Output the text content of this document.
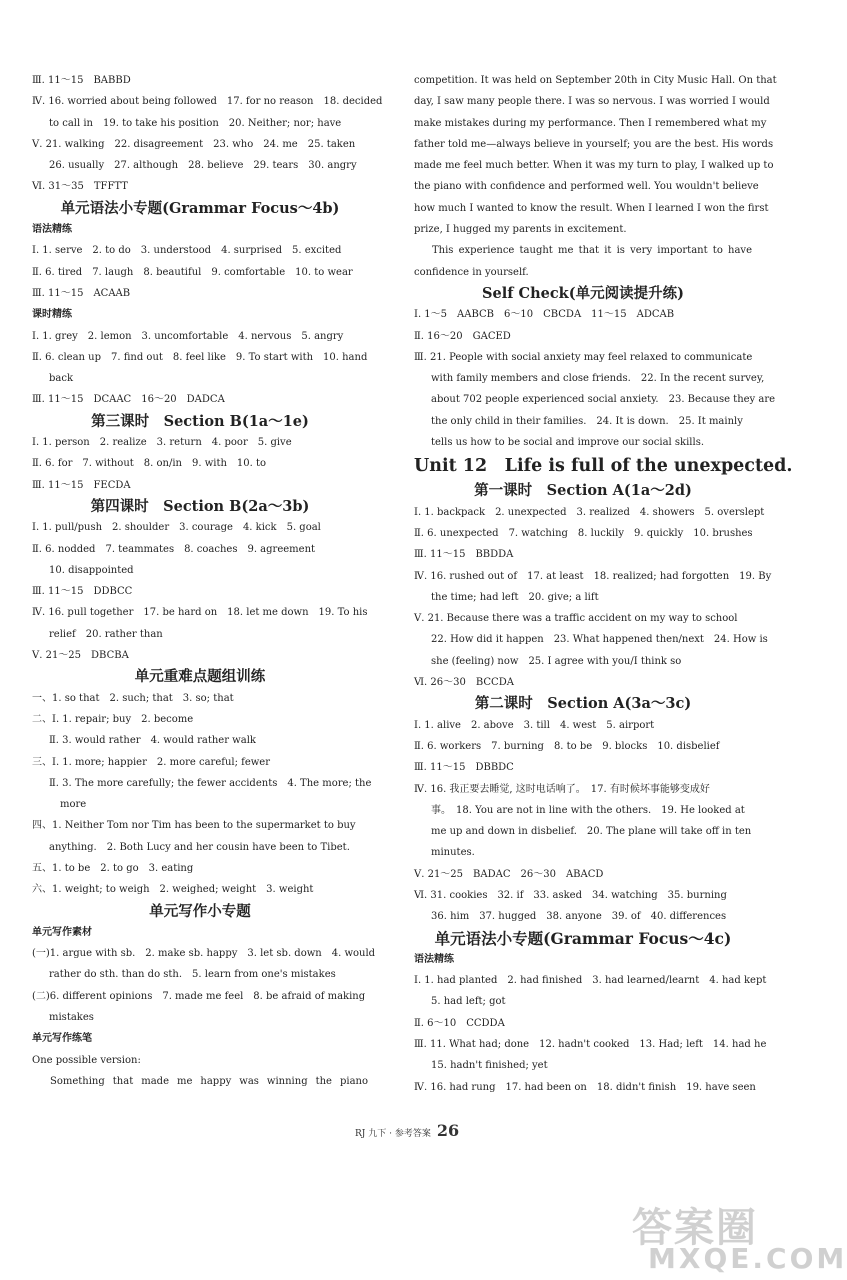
Ⅲ. 11～15　BABBD
Ⅳ. 16. worried about being followed　17. for no reason　18. decided
to call in　19. to take his position　20. Neither; nor; have
Ⅴ. 21. walking　22. disagreement　23. who　24. me　25. taken
26. usually　27. although　28. believe　29. tears　30. angry
Ⅵ. 31～35　TFFTT
单元语法小专题(Grammar Focus～4b)
语法精练
Ⅰ. 1. serve　2. to do　3. understood　4. surprised　5. excited
Ⅱ. 6. tired　7. laugh　8. beautiful　9. comfortable　10. to wear
Ⅲ. 11～15　ACAAB
课时精练
Ⅰ. 1. grey　2. lemon　3. uncomfortable　4. nervous　5. angry
Ⅱ. 6. clean up　7. find out　8. feel like　9. To start with　10. hand
back
Ⅲ. 11～15　DCAAC　16～20　DADCA
第三课时　Section B(1a～1e)
Ⅰ. 1. person　2. realize　3. return　4. poor　5. give
Ⅱ. 6. for　7. without　8. on/in　9. with　10. to
Ⅲ. 11～15　FECDA
第四课时　Section B(2a～3b)
Ⅰ. 1. pull/push　2. shoulder　3. courage　4. kick　5. goal
Ⅱ. 6. nodded　7. teammates　8. coaches　9. agreement
10. disappointed
Ⅲ. 11～15　DDBCC
Ⅳ. 16. pull together　17. be hard on　18. let me down　19. To his
relief　20. rather than
Ⅴ. 21～25　DBCBA
单元重难点题组训练
一、1. so that　2. such; that　3. so; that
二、Ⅰ. 1. repair; buy　2. become
Ⅱ. 3. would rather　4. would rather walk
三、Ⅰ. 1. more; happier　2. more careful; fewer
Ⅱ. 3. The more carefully; the fewer accidents　4. The more; the
more
四、1. Neither Tom nor Tim has been to the supermarket to buy
anything.　2. Both Lucy and her cousin have been to Tibet.
五、1. to be　2. to go　3. eating
六、1. weight; to weigh　2. weighed; weight　3. weight
单元写作小专题
单元写作素材
(一)1. argue with sb.　2. make sb. happy　3. let sb. down　4. would
rather do sth. than do sth.　5. learn from one's mistakes
(二)6. different opinions　7. made me feel　8. be afraid of making
mistakes
单元写作练笔
One possible version:
Something that made me happy was winning the piano
competition. It was held on September 20th in City Music Hall. On that
day, I saw many people there. I was so nervous. I was worried I would
make mistakes during my performance. Then I remembered what my
father told me—always believe in yourself; you are the best. His words
made me feel much better. When it was my turn to play, I walked up to
the piano with confidence and performed well. You wouldn't believe
how much I wanted to know the result. When I learned I won the first
prize, I hugged my parents in excitement.
This experience taught me that it is very important to have
confidence in yourself.
Self Check(单元阅读提升练)
Ⅰ. 1～5　AABCB　6～10　CBCDA　11～15　ADCAB
Ⅱ. 16～20　GACED
Ⅲ. 21. People with social anxiety may feel relaxed to communicate
with family members and close friends.　22. In the recent survey,
about 702 people experienced social anxiety.　23. Because they are
the only child in their families.　24. It is down.　25. It mainly
tells us how to be social and improve our social skills.
Unit 12　Life is full of the unexpected.
第一课时　Section A(1a～2d)
Ⅰ. 1. backpack　2. unexpected　3. realized　4. showers　5. overslept
Ⅱ. 6. unexpected　7. watching　8. luckily　9. quickly　10. brushes
Ⅲ. 11～15　BBDDA
Ⅳ. 16. rushed out of　17. at least　18. realized; had forgotten　19. By
the time; had left　20. give; a lift
Ⅴ. 21. Because there was a traffic accident on my way to school
22. How did it happen　23. What happened then/next　24. How is
she (feeling) now　25. I agree with you/I think so
Ⅵ. 26～30　BCCDA
第二课时　Section A(3a～3c)
Ⅰ. 1. alive　2. above　3. till　4. west　5. airport
Ⅱ. 6. workers　7. burning　8. to be　9. blocks　10. disbelief
Ⅲ. 11～15　DBBDC
Ⅳ. 16. 我正要去睡觉, 这时电话响了。　17. 有时候坏事能够变成好
事。　18. You are not in line with the others.　19. He looked at
me up and down in disbelief.　20. The plane will take off in ten
minutes.
Ⅴ. 21～25　BADAC　26～30　ABACD
Ⅵ. 31. cookies　32. if　33. asked　34. watching　35. burning
36. him　37. hugged　38. anyone　39. of　40. differences
单元语法小专题(Grammar Focus～4c)
语法精练
Ⅰ. 1. had planted　2. had finished　3. had learned/learnt　4. had kept
5. had left; got
Ⅱ. 6～10　CCDDA
Ⅲ. 11. What had; done　12. hadn't cooked　13. Had; left　14. had he
15. hadn't finished; yet
Ⅳ. 16. had rung　17. had been on　18. didn't finish　19. have seen
RJ 九下 · 参考答案 26
答案圈
MXQE.COM
